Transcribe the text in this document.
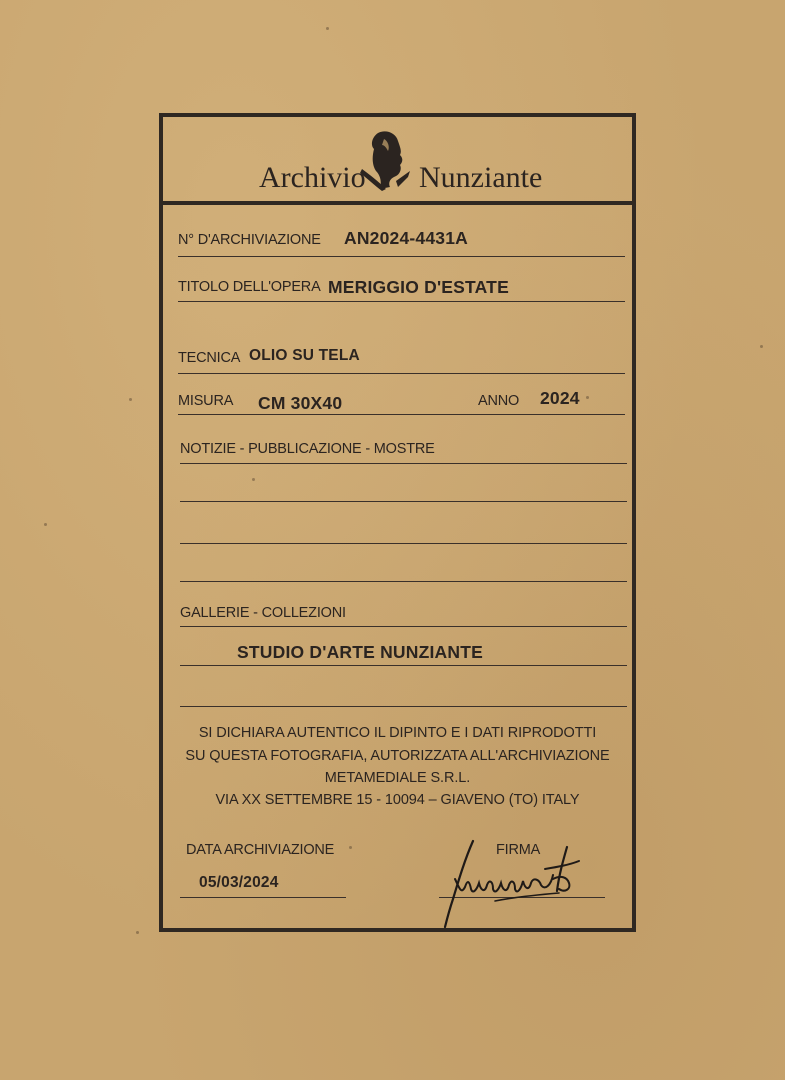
Archivio Nunziante
N° D'ARCHIVIAZIONE AN2024-4431A
TITOLO DELL'OPERA MERIGGIO D'ESTATE
TECNICA OLIO SU TELA
MISURA CM 30X40	ANNO 2024
NOTIZIE - PUBBLICAZIONE - MOSTRE
GALLERIE - COLLEZIONI
STUDIO D'ARTE NUNZIANTE
SI DICHIARA AUTENTICO IL DIPINTO E I DATI RIPRODOTTI
SU QUESTA FOTOGRAFIA, AUTORIZZATA ALL'ARCHIVIAZIONE
METAMEDIALE S.R.L.
VIA XX SETTEMBRE 15 - 10094 – GIAVENO (TO) ITALY
DATA ARCHIVIAZIONE
05/03/2024
FIRMA
